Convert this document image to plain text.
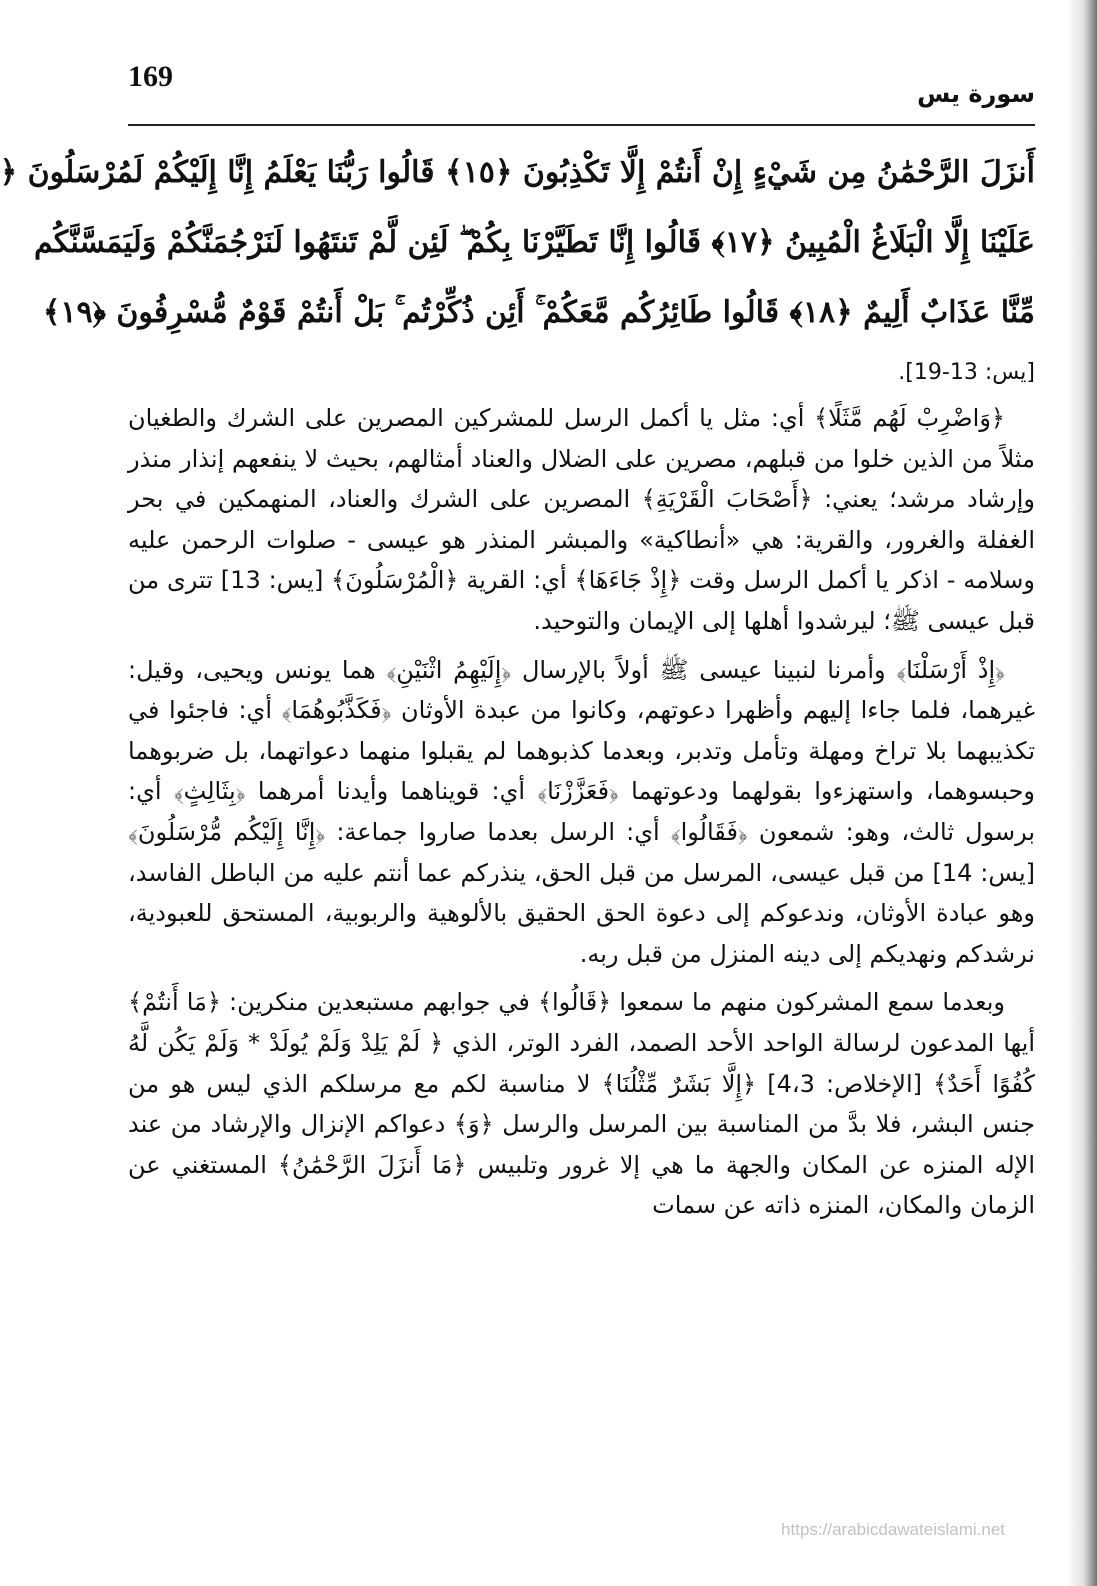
169
سورة يس
أَنزَلَ الرَّحْمَٰنُ مِن شَيْءٍ إِنْ أَنتُمْ إِلَّا تَكْذِبُونَ ﴿١٥﴾ قَالُوا رَبُّنَا يَعْلَمُ إِنَّا إِلَيْكُمْ لَمُرْسَلُونَ ﴿
عَلَيْنَا إِلَّا الْبَلَاغُ الْمُبِينُ ﴿١٧﴾ قَالُوا إِنَّا تَطَيَّرْنَا بِكُمْ ۖ لَئِن لَّمْ تَنتَهُوا لَنَرْجُمَنَّكُمْ وَلَيَمَسَّنَّكُم
مِّنَّا عَذَابٌ أَلِيمٌ ﴿١٨﴾ قَالُوا طَائِرُكُم مَّعَكُمْ ۚ أَئِن ذُكِّرْتُم ۚ بَلْ أَنتُمْ قَوْمٌ مُّسْرِفُونَ ﴿١٩﴾
[يس: 13-19].

﴿وَاضْرِبْ لَهُم مَّثَلًا﴾ أي: مثل يا أكمل الرسل للمشركين المصرين على الشرك والطغيان مثلاً من الذين خلوا من قبلهم، مصرين على الضلال والعناد أمثالهم، بحيث لا ينفعهم إنذار منذر وإرشاد مرشد؛ يعني: ﴿أَصْحَابَ الْقَرْيَةِ﴾ المصرين على الشرك والعناد، المنهمكين في بحر الغفلة والغرور، والقرية: هي «أنطاكية» والمبشر المنذر هو عيسى - صلوات الرحمن عليه وسلامه - اذكر يا أكمل الرسل وقت ﴿إِذْ جَاءَهَا﴾ أي: القرية ﴿الْمُرْسَلُونَ﴾ [يس: 13] تترى من قبل عيسى ﷺ؛ ليرشدوا أهلها إلى الإيمان والتوحيد.

﴿إِذْ أَرْسَلْنَا﴾ وأمرنا لنبينا عيسى ﷺ أولاً بالإرسال ﴿إِلَيْهِمُ اثْنَيْنِ﴾ هما يونس ويحيى، وقيل: غيرهما، فلما جاءا إليهم وأظهرا دعوتهم، وكانوا من عبدة الأوثان ﴿فَكَذَّبُوهُمَا﴾ أي: فاجئوا في تكذيبهما بلا تراخ ومهلة وتأمل وتدبر، وبعدما كذبوهما لم يقبلوا منهما دعواتهما، بل ضربوهما وحبسوهما، واستهزءوا بقولهما ودعوتهما ﴿فَعَزَّزْنَا﴾ أي: قويناهما وأيدنا أمرهما ﴿بِثَالِثٍ﴾ أي: برسول ثالث، وهو: شمعون ﴿فَقَالُوا﴾ أي: الرسل بعدما صاروا جماعة: ﴿إِنَّا إِلَيْكُم مُّرْسَلُونَ﴾ [يس: 14] من قبل عيسى، المرسل من قبل الحق، ينذركم عما أنتم عليه من الباطل الفاسد، وهو عبادة الأوثان، وندعوكم إلى دعوة الحق الحقيق بالألوهية والربوبية، المستحق للعبودية، نرشدكم ونهديكم إلى دينه المنزل من قبل ربه.

وبعدما سمع المشركون منهم ما سمعوا ﴿قَالُوا﴾ في جوابهم مستبعدين منكرين: ﴿مَا أَنتُمْ﴾ أيها المدعون لرسالة الواحد الأحد الصمد، الفرد الوتر، الذي ﴿ لَمْ يَلِدْ وَلَمْ يُولَدْ * وَلَمْ يَكُن لَّهُ كُفُوًا أَحَدٌ﴾ [الإخلاص: 4،3] ﴿إِلَّا بَشَرٌ مِّثْلُنَا﴾ لا مناسبة لكم مع مرسلكم الذي ليس هو من جنس البشر، فلا بدَّ من المناسبة بين المرسل والرسل ﴿وَ﴾ دعواكم الإنزال والإرشاد من عند الإله المنزه عن المكان والجهة ما هي إلا غرور وتلبيس ﴿مَا أَنزَلَ الرَّحْمَٰنُ﴾ المستغني عن الزمان والمكان، المنزه ذاته عن سمات

https://arabicdawateislami.net
